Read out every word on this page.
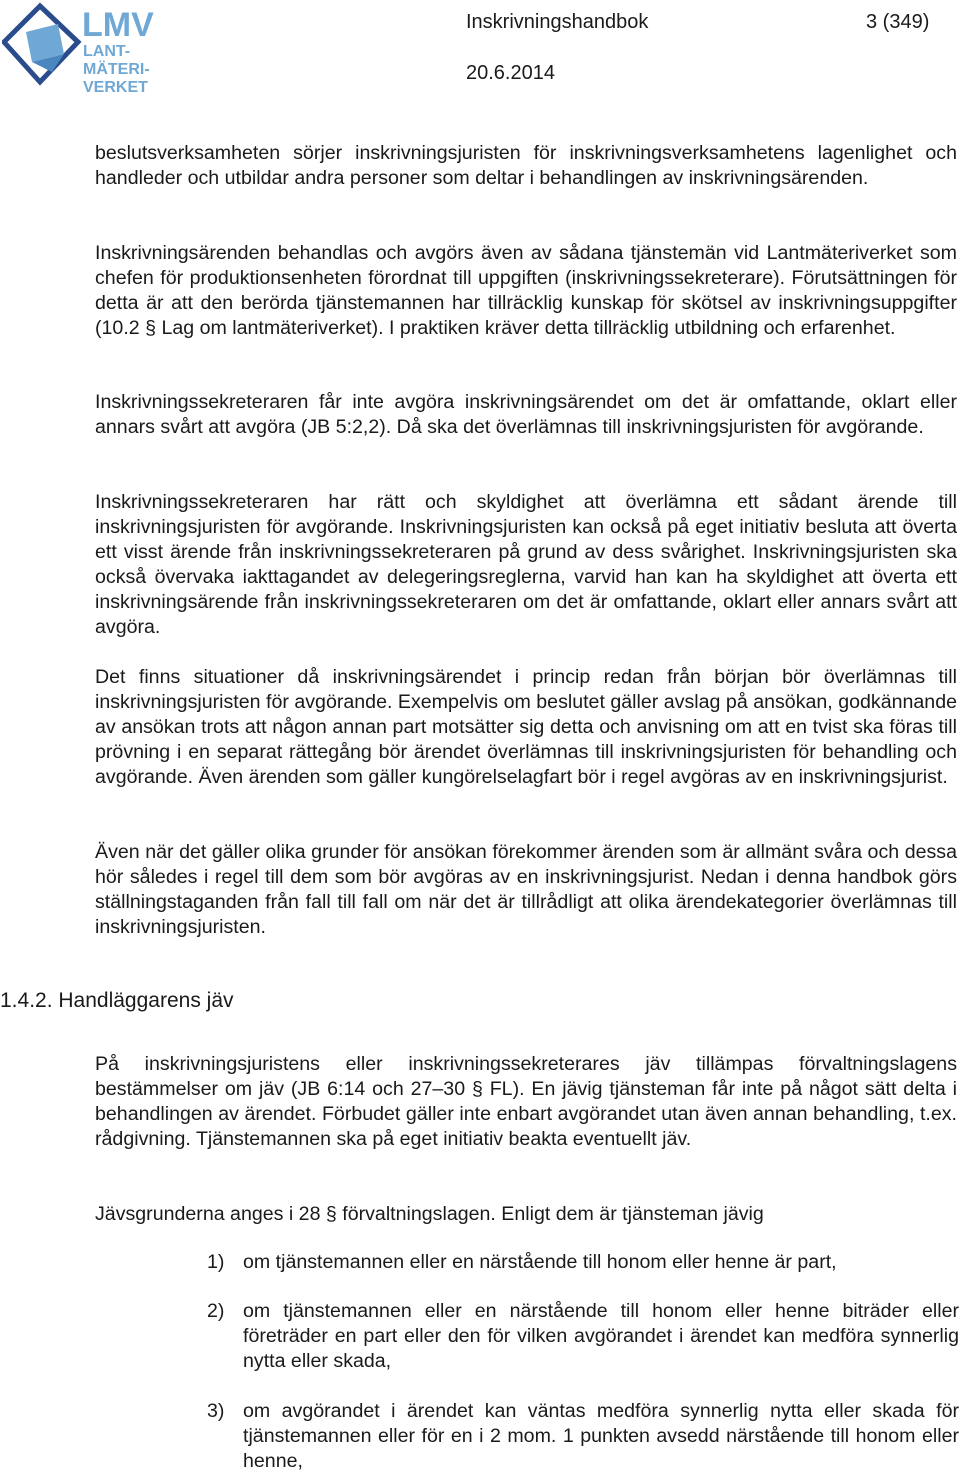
LMV
LANT-
MÄTERI-
VERKET
Inskrivningshandbok	3 (349)
20.6.2014

beslutsverksamheten sörjer inskrivningsjuristen för inskrivningsverksamhetens lagenlighet och handleder och utbildar andra personer som deltar i behandlingen av inskrivningsärenden.

Inskrivningsärenden behandlas och avgörs även av sådana tjänstemän vid Lantmäteriverket som chefen för produktionsenheten förordnat till uppgiften (inskrivningssekreterare). Förutsättningen för detta är att den berörda tjänstemannen har tillräcklig kunskap för skötsel av inskrivningsuppgifter (10.2 § Lag om lantmäteriverket). I praktiken kräver detta tillräcklig utbildning och erfarenhet.

Inskrivningssekreteraren får inte avgöra inskrivningsärendet om det är omfattande, oklart eller annars svårt att avgöra (JB 5:2,2). Då ska det överlämnas till inskrivningsjuristen för avgörande.

Inskrivningssekreteraren har rätt och skyldighet att överlämna ett sådant ärende till inskrivningsjuristen för avgörande. Inskrivningsjuristen kan också på eget initiativ besluta att överta ett visst ärende från inskrivningssekreteraren på grund av dess svårighet. Inskrivningsjuristen ska också övervaka iakttagandet av delegeringsreglerna, varvid han kan ha skyldighet att överta ett inskrivningsärende från inskrivningssekreteraren om det är omfattande, oklart eller annars svårt att avgöra.

Det finns situationer då inskrivningsärendet i princip redan från början bör överlämnas till inskrivningsjuristen för avgörande. Exempelvis om beslutet gäller avslag på ansökan, godkännande av ansökan trots att någon annan part motsätter sig detta och anvisning om att en tvist ska föras till prövning i en separat rättegång bör ärendet överlämnas till inskrivningsjuristen för behandling och avgörande. Även ärenden som gäller kungörelselagfart bör i regel avgöras av en inskrivningsjurist.

Även när det gäller olika grunder för ansökan förekommer ärenden som är allmänt svåra och dessa hör således i regel till dem som bör avgöras av en inskrivningsjurist. Nedan i denna handbok görs ställningstaganden från fall till fall om när det är tillrådligt att olika ärendekategorier överlämnas till inskrivningsjuristen.

1.4.2. Handläggarens jäv

På inskrivningsjuristens eller inskrivningssekreterares jäv tillämpas förvaltningslagens bestämmelser om jäv (JB 6:14 och 27–30 § FL). En jävig tjänsteman får inte på något sätt delta i behandlingen av ärendet. Förbudet gäller inte enbart avgörandet utan även annan behandling, t.ex. rådgivning. Tjänstemannen ska på eget initiativ beakta eventuellt jäv.

Jävsgrunderna anges i 28 § förvaltningslagen. Enligt dem är tjänsteman jävig

1) om tjänstemannen eller en närstående till honom eller henne är part,
2) om tjänstemannen eller en närstående till honom eller henne biträder eller företräder en part eller den för vilken avgörandet i ärendet kan medföra synnerlig nytta eller skada,
3) om avgörandet i ärendet kan väntas medföra synnerlig nytta eller skada för tjänstemannen eller för en i 2 mom. 1 punkten avsedd närstående till honom eller henne,
